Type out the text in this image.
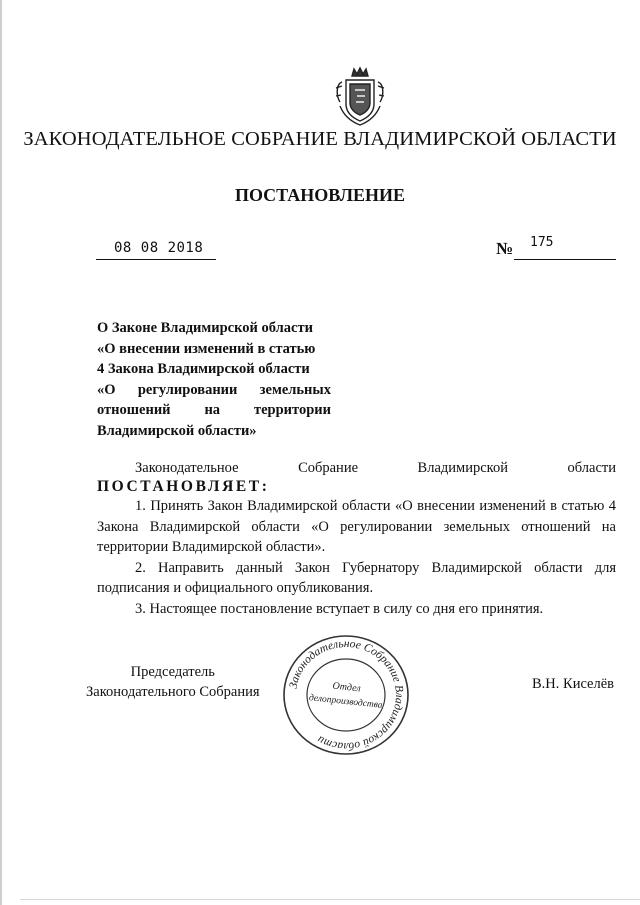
ЗАКОНОДАТЕЛЬНОЕ СОБРАНИЕ ВЛАДИМИРСКОЙ ОБЛАСТИ
ПОСТАНОВЛЕНИЕ
08 08 2018	№ 175
О Законе Владимирской области
«О внесении изменений в статью
4 Закона Владимирской области
«О регулировании земельных
отношений на территории
Владимирской области»
Законодательное Собрание Владимирской области
ПОСТАНОВЛЯЕТ:

1. Принять Закон Владимирской области «О внесении изменений в статью 4 Закона Владимирской области «О регулировании земельных отношений на территории Владимирской области».

2. Направить данный Закон Губернатору Владимирской области для подписания и официального опубликования.

3. Настоящее постановление вступает в силу со дня его принятия.

Председатель
Законодательного Собрания Законодательное Собрание Владимирской области
Отдел
делопроизводства
В.Н. Киселёв
